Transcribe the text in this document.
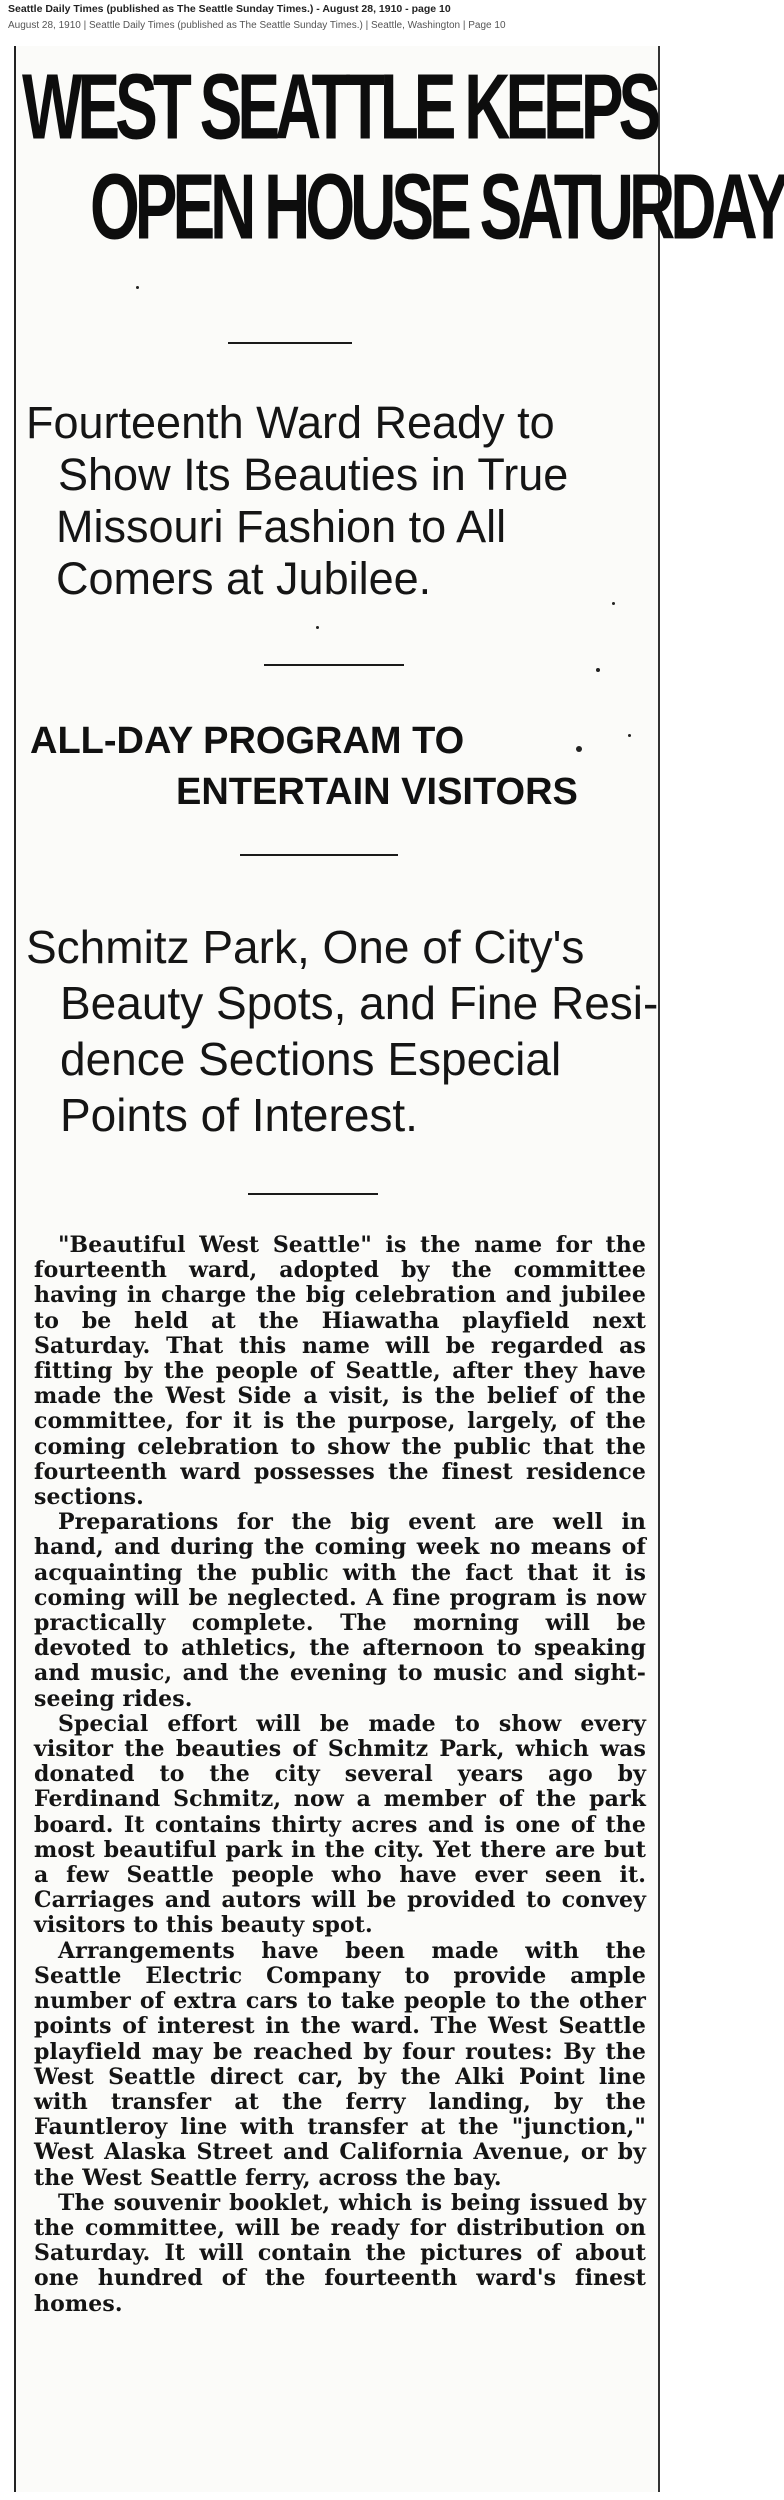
Seattle Daily Times (published as The Seattle Sunday Times.) - August 28, 1910 - page 10
August 28, 1910 | Seattle Daily Times (published as The Seattle Sunday Times.) | Seattle, Washington | Page 10
WEST SEATTLE KEEPS
OPEN HOUSE SATURDAY
Fourteenth Ward Ready to
Show Its Beauties in True
Missouri Fashion to All
Comers at Jubilee.
ALL-DAY PROGRAM TO
ENTERTAIN VISITORS
Schmitz Park, One of City's
Beauty Spots, and Fine Resi-
dence Sections Especial
Points of Interest.

"Beautiful West Seattle" is the name for the fourteenth ward, adopted by the committee having in charge the big celebration and jubilee to be held at the Hiawatha playfield next Saturday. That this name will be regarded as fitting by the people of Seattle, after they have made the West Side a visit, is the belief of the committee, for it is the purpose, largely, of the coming celebration to show the public that the fourteenth ward possesses the finest residence sections.

Preparations for the big event are well in hand, and during the coming week no means of acquainting the public with the fact that it is coming will be neglected. A fine program is now practically complete. The morning will be devoted to athletics, the afternoon to speaking and music, and the evening to music and sight-seeing rides.

Special effort will be made to show every visitor the beauties of Schmitz Park, which was donated to the city several years ago by Ferdinand Schmitz, now a member of the park board. It contains thirty acres and is one of the most beautiful park in the city. Yet there are but a few Seattle people who have ever seen it. Carriages and autors will be provided to convey visitors to this beauty spot.

Arrangements have been made with the Seattle Electric Company to provide ample number of extra cars to take people to the other points of interest in the ward. The West Seattle playfield may be reached by four routes: By the West Seattle direct car, by the Alki Point line with transfer at the ferry landing, by the Fauntleroy line with transfer at the "junction," West Alaska Street and California Avenue, or by the West Seattle ferry, across the bay.

The souvenir booklet, which is being issued by the committee, will be ready for distribution on Saturday. It will contain the pictures of about one hundred of the fourteenth ward's finest homes.
